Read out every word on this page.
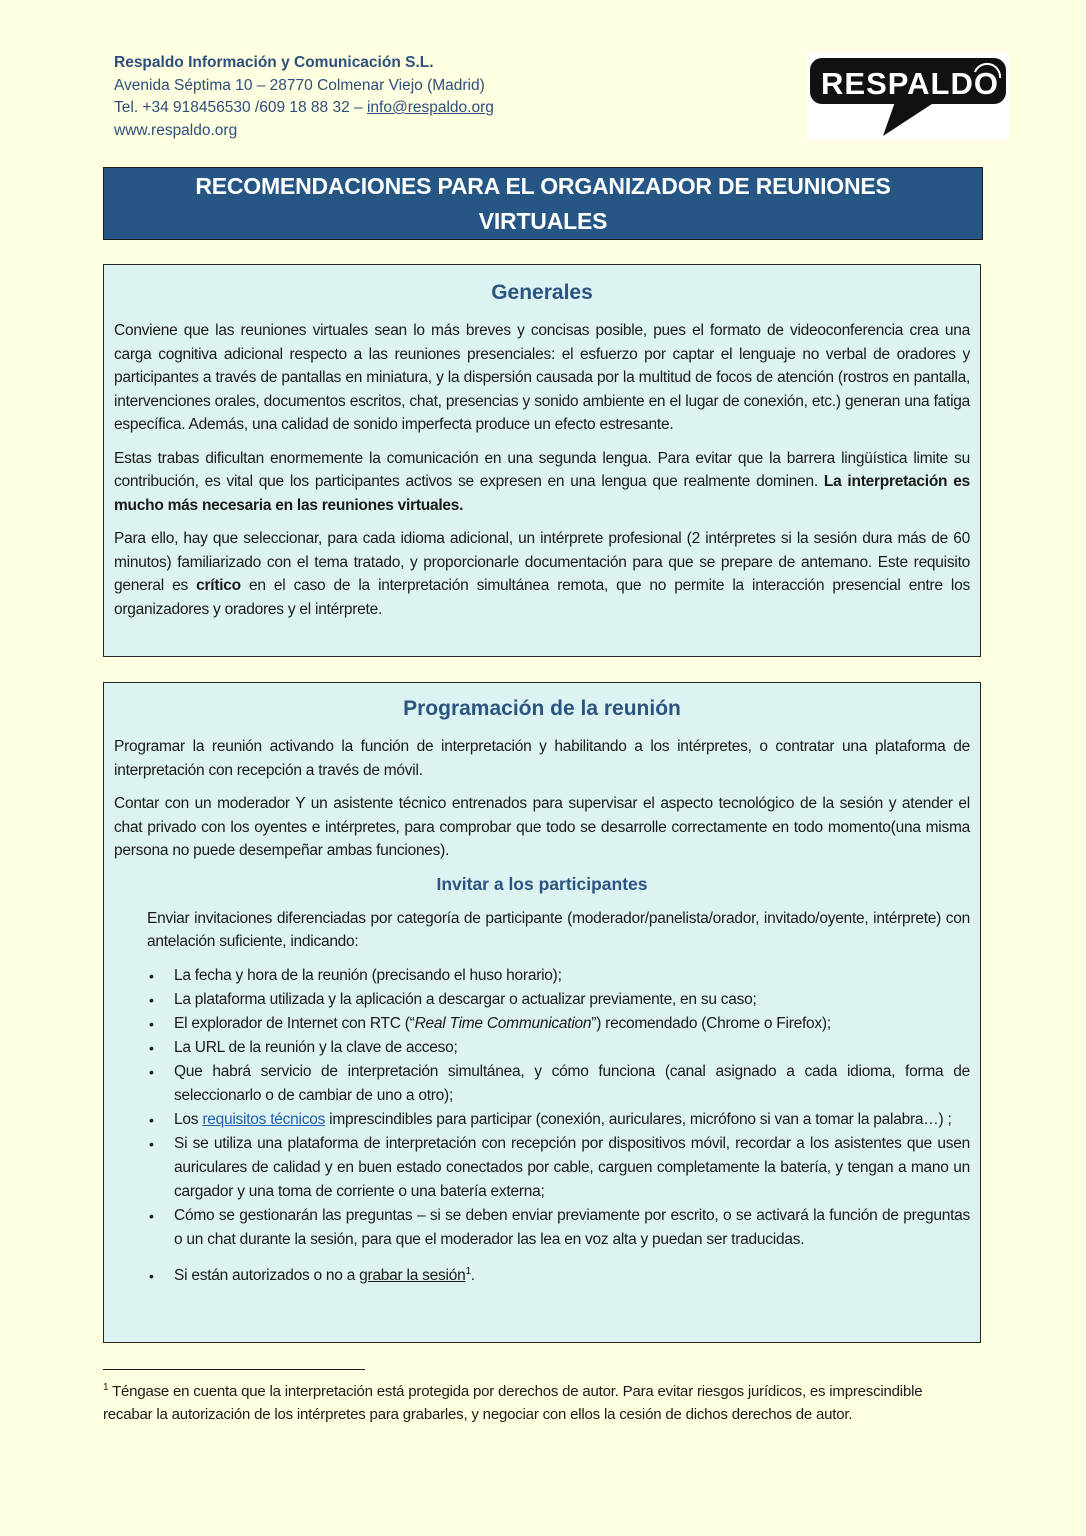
Respaldo Información y Comunicación S.L.
Avenida Séptima 10 – 28770 Colmenar Viejo (Madrid)
Tel. +34 918456530 /609 18 88 32 – info@respaldo.org
www.respaldo.org
RESPALDO
RECOMENDACIONES PARA EL ORGANIZADOR DE REUNIONES VIRTUALES
Generales

Conviene que las reuniones virtuales sean lo más breves y concisas posible, pues el formato de videoconferencia crea una carga cognitiva adicional respecto a las reuniones presenciales: el esfuerzo por captar el lenguaje no verbal de oradores y participantes a través de pantallas en miniatura, y la dispersión causada por la multitud de focos de atención (rostros en pantalla, intervenciones orales, documentos escritos, chat, presencias y sonido ambiente en el lugar de conexión, etc.) generan una fatiga específica. Además, una calidad de sonido imperfecta produce un efecto estresante.

Estas trabas dificultan enormemente la comunicación en una segunda lengua. Para evitar que la barrera lingüística limite su contribución, es vital que los participantes activos se expresen en una lengua que realmente dominen. La interpretación es mucho más necesaria en las reuniones virtuales.

Para ello, hay que seleccionar, para cada idioma adicional, un intérprete profesional (2 intérpretes si la sesión dura más de 60 minutos) familiarizado con el tema tratado, y proporcionarle documentación para que se prepare de antemano. Este requisito general es crítico en el caso de la interpretación simultánea remota, que no permite la interacción presencial entre los organizadores y oradores y el intérprete.

Programación de la reunión

Programar la reunión activando la función de interpretación y habilitando a los intérpretes, o contratar una plataforma de interpretación con recepción a través de móvil.

Contar con un moderador Y un asistente técnico entrenados para supervisar el aspecto tecnológico de la sesión y atender el chat privado con los oyentes e intérpretes, para comprobar que todo se desarrolle correctamente en todo momento(una misma persona no puede desempeñar ambas funciones).

Invitar a los participantes

Enviar invitaciones diferenciadas por categoría de participante (moderador/panelista/orador, invitado/oyente, intérprete) con antelación suficiente, indicando:

• La fecha y hora de la reunión (precisando el huso horario);
• La plataforma utilizada y la aplicación a descargar o actualizar previamente, en su caso;
• El explorador de Internet con RTC (“Real Time Communication”) recomendado (Chrome o Firefox);
• La URL de la reunión y la clave de acceso;
• Que habrá servicio de interpretación simultánea, y cómo funciona (canal asignado a cada idioma, forma de seleccionarlo o de cambiar de uno a otro);
• Los requisitos técnicos imprescindibles para participar (conexión, auriculares, micrófono si van a tomar la palabra…) ;
• Si se utiliza una plataforma de interpretación con recepción por dispositivos móvil, recordar a los asistentes que usen auriculares de calidad y en buen estado conectados por cable, carguen completamente la batería, y tengan a mano un cargador y una toma de corriente o una batería externa;
• Cómo se gestionarán las preguntas – si se deben enviar previamente por escrito, o se activará la función de preguntas o un chat durante la sesión, para que el moderador las lea en voz alta y puedan ser traducidas.
• Si están autorizados o no a grabar la sesión$^1$.
$^1$ Téngase en cuenta que la interpretación está protegida por derechos de autor. Para evitar riesgos jurídicos, es imprescindible recabar la autorización de los intérpretes para grabarles, y negociar con ellos la cesión de dichos derechos de autor.
